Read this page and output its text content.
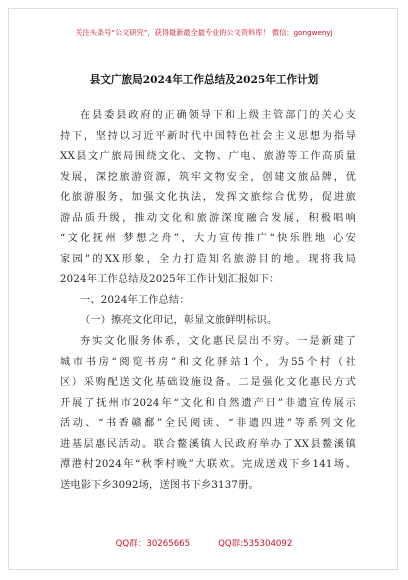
关注头条号“公文研究”，获得最新最全最专业的公文资料库！ 微信：gongwenyj
县文广旅局2024年工作总结及2025年工作计划
在县委县政府的正确领导下和上级主管部门的关心支
持下，坚持以习近平新时代中国特色社会主义思想为指导
XX县文广旅局围绕文化、文物、广电、旅游等工作高质量
发展，深挖旅游资源，筑牢文物安全，创建文旅品牌，优
化旅游服务，加强文化执法，发挥文旅综合优势，促进旅
游品质升级，推动文化和旅游深度融合发展，积极唱响
“文化抚州 梦想之舟”，大力宣传推广“快乐胜地 心安
家园”的XX形象，全力打造知名旅游目的地。现将我局
2024年工作总结及2025年工作计划汇报如下：
一、2024年工作总结：
（一）擦亮文化印记，彰显文旅鲜明标识。
夯实文化服务体系，文化惠民层出不穷。一是新建了
城市书房“阅览书房”和文化驿站1个，为55个村（社
区）采购配送文化基础设施设备。二是强化文化惠民方式
开展了抚州市2024年“文化和自然遗产日”非遗宣传展示
活动、“书香赣鄱”全民阅读、“非遗四进”等系列文化
进基层惠民活动。联合鳌溪镇人民政府举办了XX县鳌溪镇
潭港村2024年“秋季村晚”大联欢。完成送戏下乡141场、
送电影下乡3092场，送图书下乡3137册。
QQ群：30265665	QQ群:535304092
